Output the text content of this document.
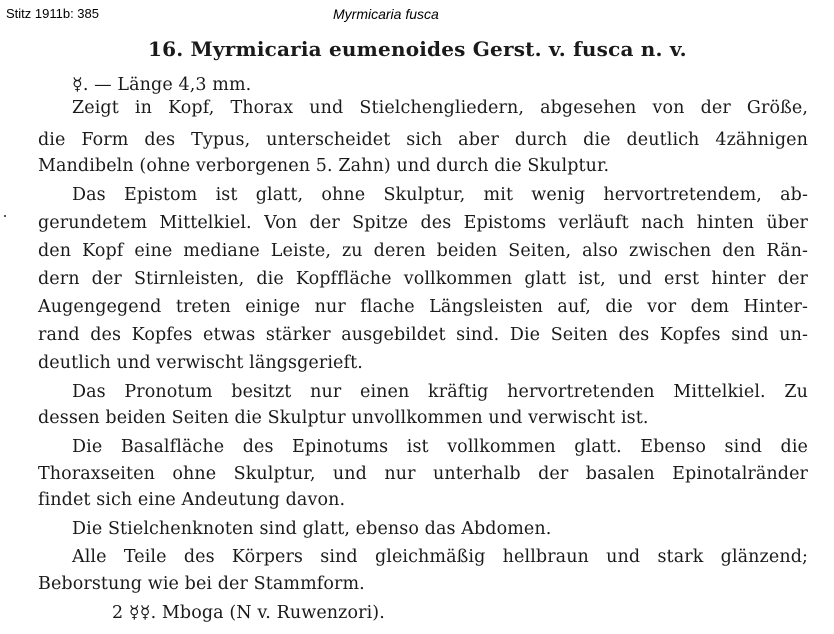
Stitz 1911b: 385	Myrmicaria fusca
16. Myrmicaria eumenoides Gerst. v. fusca n. v.
☿. — Länge 4,3 mm.
Zeigt in Kopf, Thorax und Stielchengliedern, abgesehen von der Größe,
die Form des Typus, unterscheidet sich aber durch die deutlich 4zähnigen
Mandibeln (ohne verborgenen 5. Zahn) und durch die Skulptur.
Das Epistom ist glatt, ohne Skulptur, mit wenig hervortretendem, ab-
gerundetem Mittelkiel. Von der Spitze des Epistoms verläuft nach hinten über
den Kopf eine mediane Leiste, zu deren beiden Seiten, also zwischen den Rän-
dern der Stirnleisten, die Kopffläche vollkommen glatt ist, und erst hinter der
Augengegend treten einige nur flache Längsleisten auf, die vor dem Hinter-
rand des Kopfes etwas stärker ausgebildet sind. Die Seiten des Kopfes sind un-
deutlich und verwischt längsgerieft.
Das Pronotum besitzt nur einen kräftig hervortretenden Mittelkiel. Zu
dessen beiden Seiten die Skulptur unvollkommen und verwischt ist.
Die Basalfläche des Epinotums ist vollkommen glatt. Ebenso sind die
Thoraxseiten ohne Skulptur, und nur unterhalb der basalen Epinotalränder
findet sich eine Andeutung davon.
Die Stielchenknoten sind glatt, ebenso das Abdomen.
Alle Teile des Körpers sind gleichmäßig hellbraun und stark glänzend;
Beborstung wie bei der Stammform.
2 ☿☿. Mboga (N v. Ruwenzori).
